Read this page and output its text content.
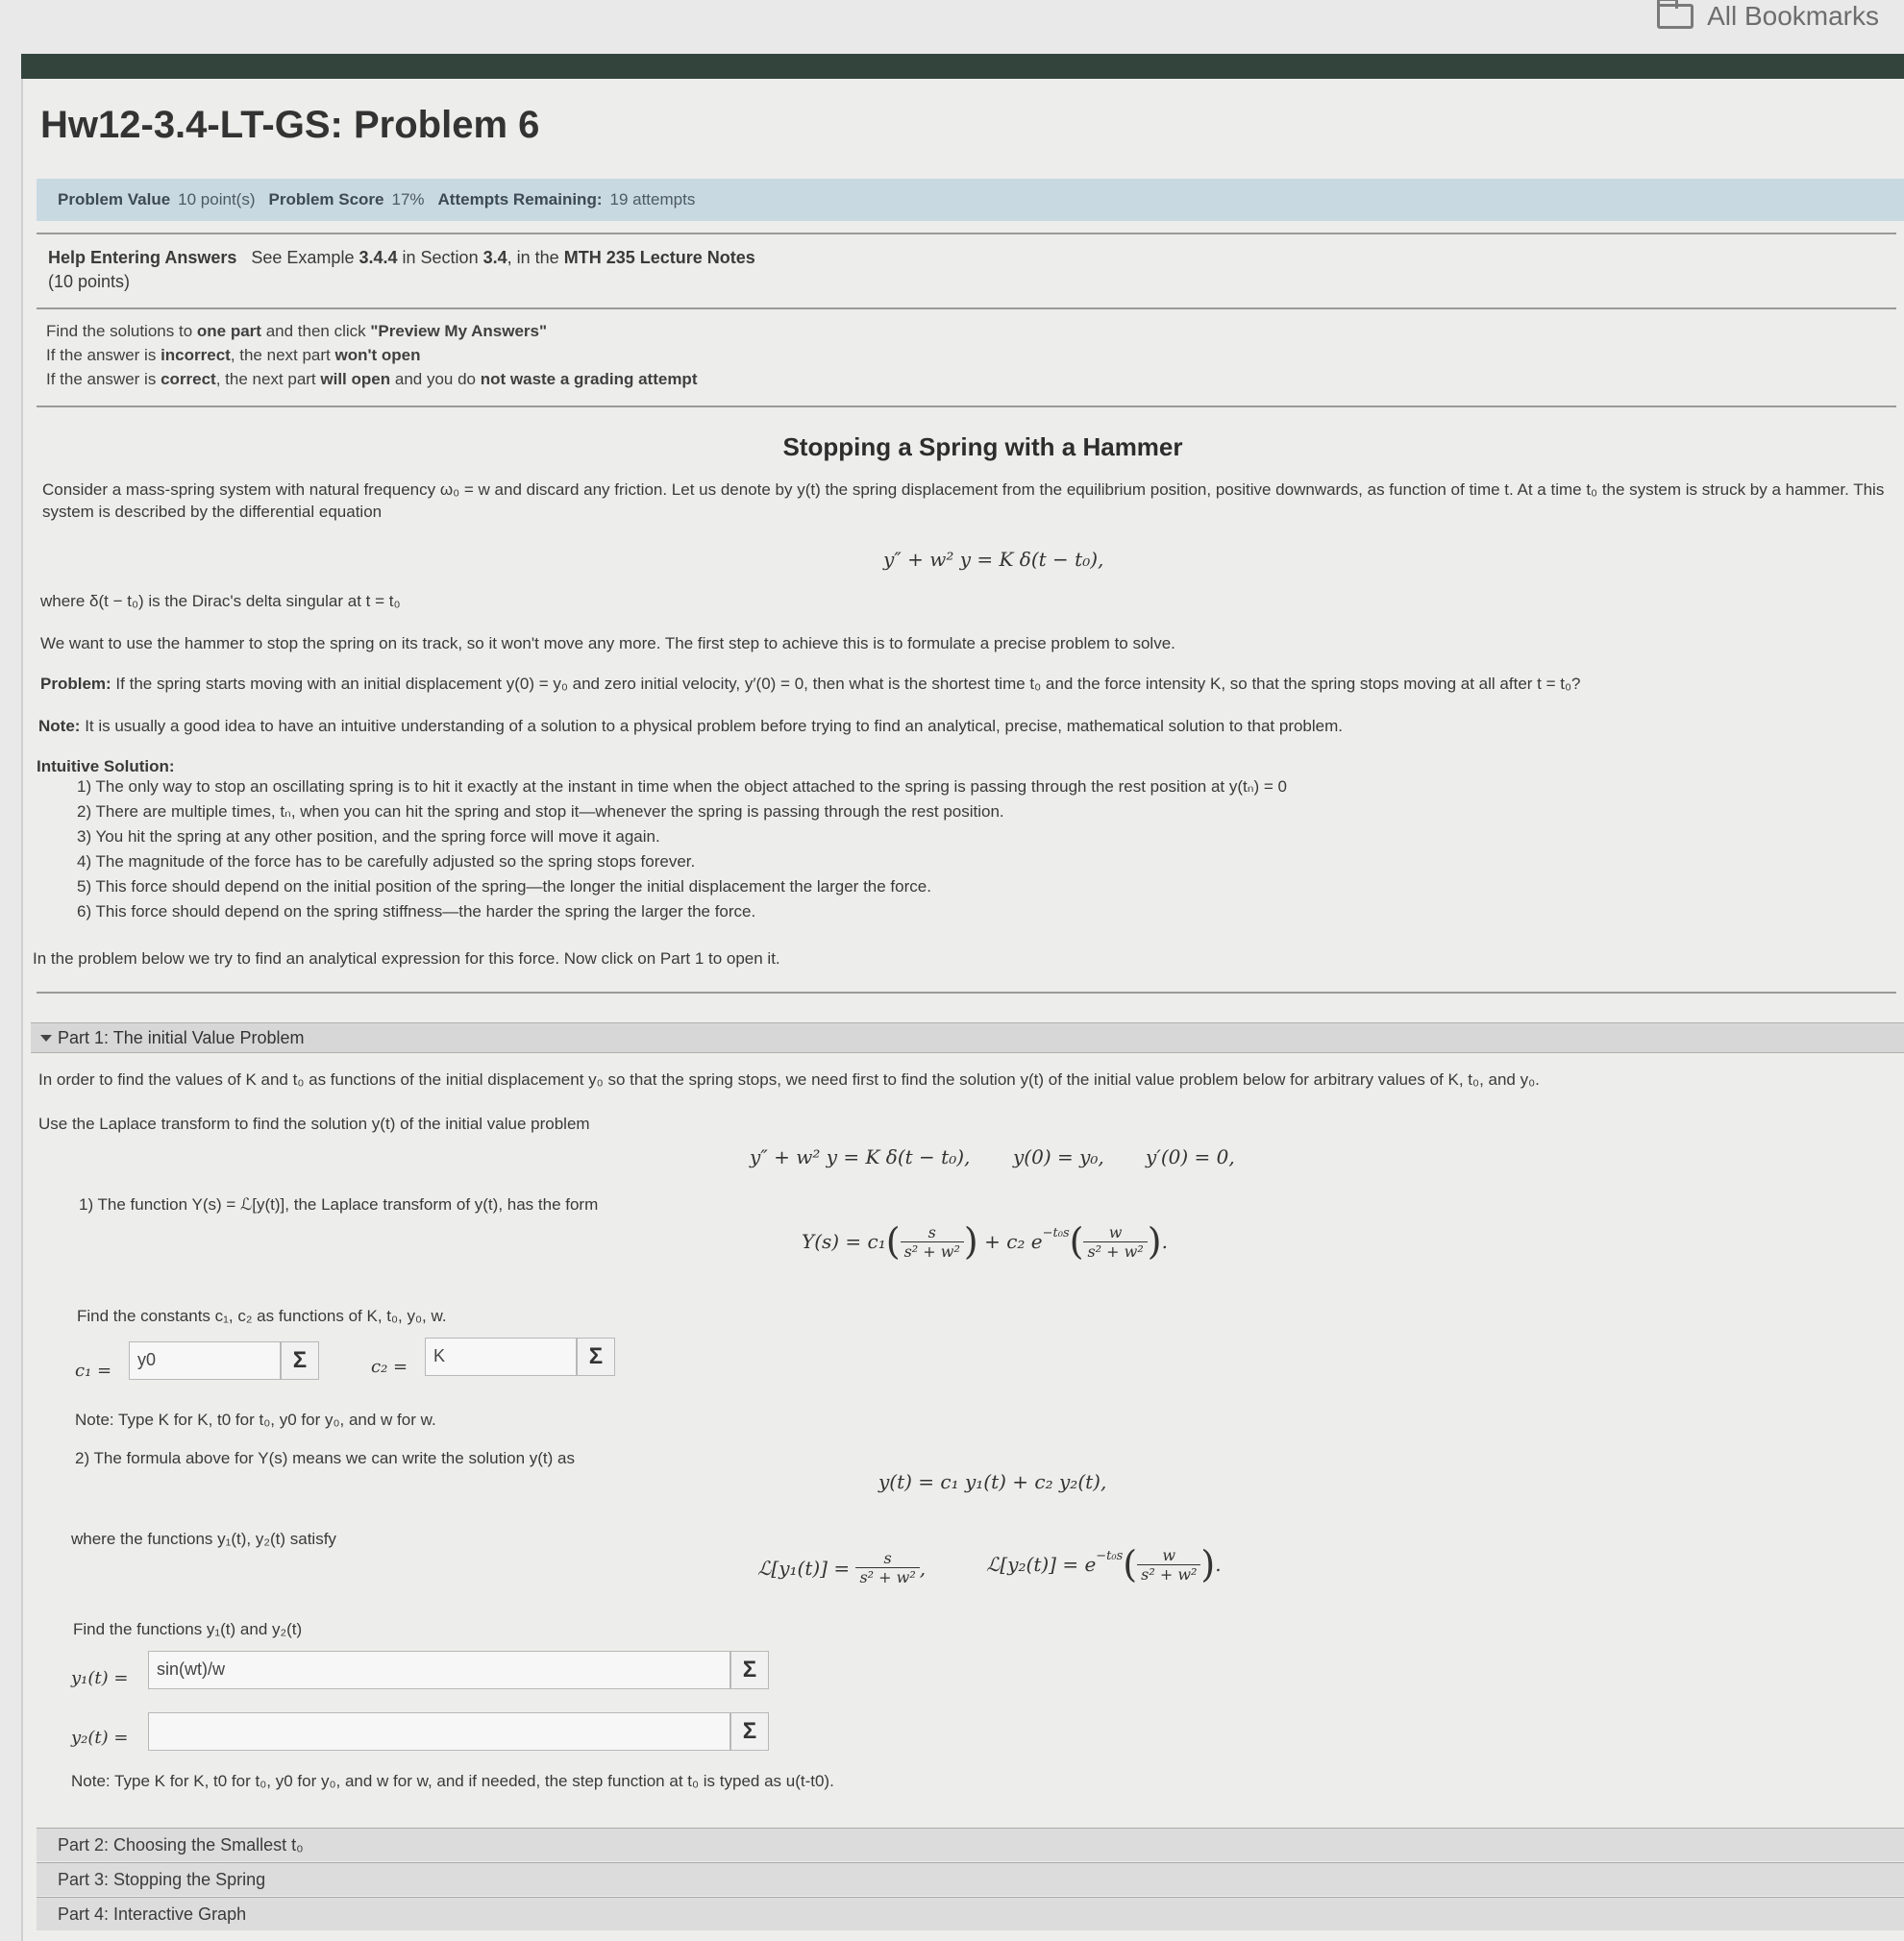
All Bookmarks
Hw12-3.4-LT-GS: Problem 6
Problem Value 10 point(s) Problem Score 17% Attempts Remaining: 19 attempts
Help Entering Answers See Example 3.4.4 in Section 3.4, in the MTH 235 Lecture Notes
(10 points)
Find the solutions to one part and then click "Preview My Answers"
If the answer is incorrect, the next part won't open
If the answer is correct, the next part will open and you do not waste a grading attempt
Stopping a Spring with a Hammer
Consider a mass-spring system with natural frequency ω₀ = w and discard any friction. Let us denote by y(t) the spring displacement from the equilibrium position, positive downwards, as function of time t. At a time t₀ the system is struck by a hammer. This system is described by the differential equation
y″ + w² y = K δ(t − t₀),
where δ(t − t₀) is the Dirac's delta singular at t = t₀
We want to use the hammer to stop the spring on its track, so it won't move any more. The first step to achieve this is to formulate a precise problem to solve.
Problem: If the spring starts moving with an initial displacement y(0) = y₀ and zero initial velocity, y′(0) = 0, then what is the shortest time t₀ and the force intensity K, so that the spring stops moving at all after t = t₀?
Note: It is usually a good idea to have an intuitive understanding of a solution to a physical problem before trying to find an analytical, precise, mathematical solution to that problem.
Intuitive Solution:
1) The only way to stop an oscillating spring is to hit it exactly at the instant in time when the object attached to the spring is passing through the rest position at y(tₙ) = 0
2) There are multiple times, tₙ, when you can hit the spring and stop it—whenever the spring is passing through the rest position.
3) You hit the spring at any other position, and the spring force will move it again.
4) The magnitude of the force has to be carefully adjusted so the spring stops forever.
5) This force should depend on the initial position of the spring—the longer the initial displacement the larger the force.
6) This force should depend on the spring stiffness—the harder the spring the larger the force.
In the problem below we try to find an analytical expression for this force. Now click on Part 1 to open it.
Part 1: The initial Value Problem
In order to find the values of K and t₀ as functions of the initial displacement y₀ so that the spring stops, we need first to find the solution y(t) of the initial value problem below for arbitrary values of K, t₀, and y₀.
Use the Laplace transform to find the solution y(t) of the initial value problem
y″ + w² y = K δ(t − t₀), y(0) = y₀, y′(0) = 0,
1) The function Y(s) = ℒ[y(t)], the Laplace transform of y(t), has the form
Y(s) = c₁ ( $\frac{s}{\text{s² + w²}}$ )
+ c₂ $e^{-t_0s}$ ( $\frac{w}{\text{s² + w²}}$ ) .
Find the constants c₁, c₂ as functions of K, t₀, y₀, w.
c₁ =
y0	Σ	c₂ =
K	Σ
Note: Type K for K, t0 for t₀, y0 for y₀, and w for w.
2) The formula above for Y(s) means we can write the solution y(t) as
y(t) = c₁ y₁(t) + c₂ y₂(t),
where the functions y₁(t), y₂(t) satisfy
ℒ[y₁(t)] =
$\frac{s}{\text{s² + w²}}$ ,	ℒ[y₂(t)] = $e^{-t_0s}$ ( $\frac{w}{\text{s² + w²}}$ ) .
Find the functions y₁(t) and y₂(t)
y₁(t) =	sin(wt)/w	Σ
y₂(t) =	Σ
Note: Type K for K, t0 for t₀, y0 for y₀, and w for w, and if needed, the step function at t₀ is typed as u(t-t0).
Part 2: Choosing the Smallest t₀
Part 3: Stopping the Spring
Part 4: Interactive Graph
